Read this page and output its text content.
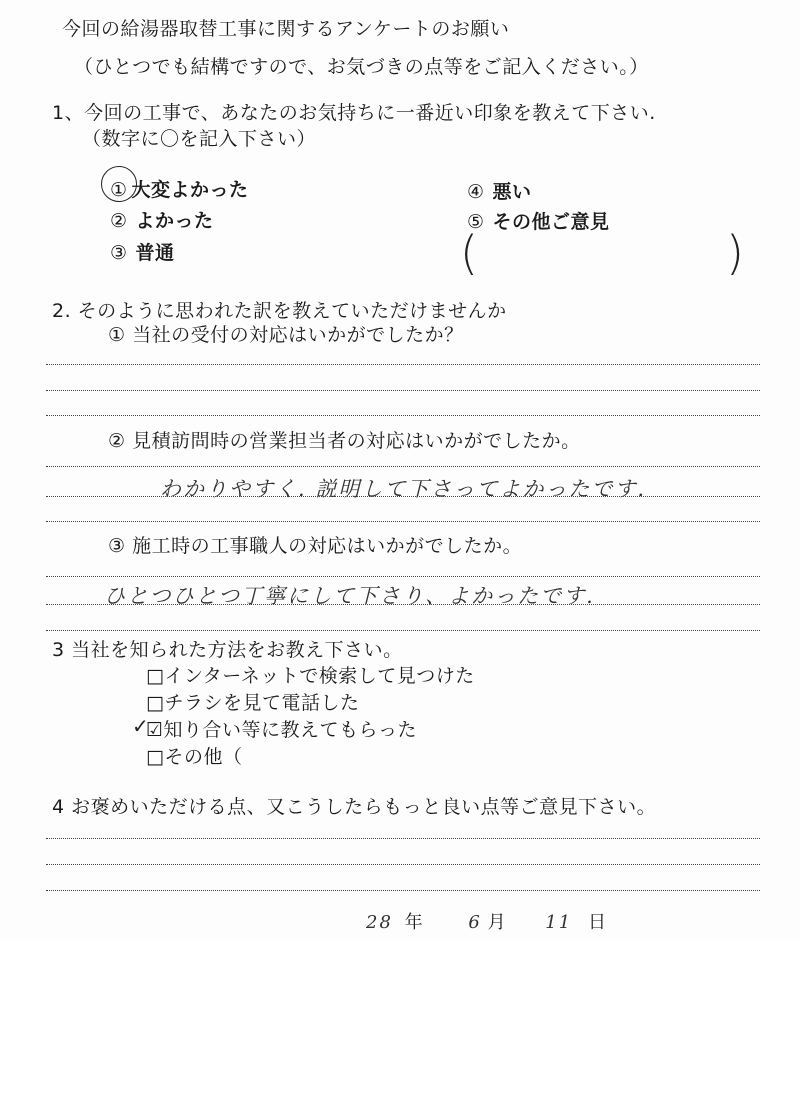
今回の給湯器取替工事に関するアンケートのお願い
（ひとつでも結構ですので、お気づきの点等をご記入ください。）
1、今回の工事で、あなたのお気持ちに一番近い印象を教えて下さい.
（数字に〇を記入下さい）
① 大変よかった
② よかった
③ 普通
④ 悪い
⑤ その他ご意見
(	)
2. そのように思われた訳を教えていただけませんか
① 当社の受付の対応はいかがでしたか？
② 見積訪問時の営業担当者の対応はいかがでしたか。
わかりやすく. 説明して下さってよかったです.
③ 施工時の工事職人の対応はいかがでしたか。
ひとつひとつ丁寧にして下さり、よかったです.
3 当社を知られた方法をお教え下さい。
□インターネットで検索して見つけた
□チラシを見て電話した
☑知り合い等に教えてもらった
✓
□その他（
4 お褒めいただける点、又こうしたらもっと良い点等ご意見下さい。
28 年	6 月 11 日
